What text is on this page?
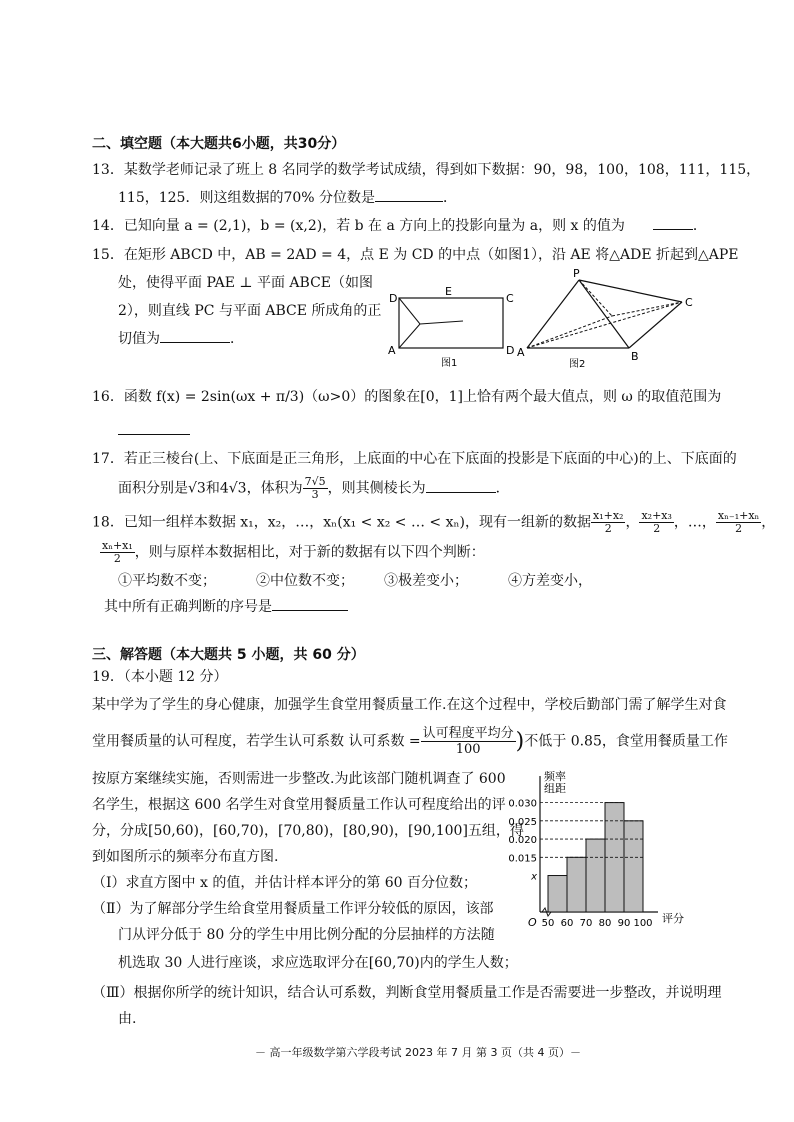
二、填空题（本大题共6小题，共30分）
13．某数学老师记录了班上 8 名同学的数学考试成绩，得到如下数据：90，98，100，108，111，115，
115，125．则这组数据的70% 分位数是	．
14．已知向量 a = (2,1)，b = (x,2)，若 b 在 a 方向上的投影向量为 a，则 x 的值为	．
15．在矩形 ABCD 中，AB = 2AD = 4，点 E 为 CD 的中点（如图1），沿 AE 将△ADE 折起到△APE
处，使得平面 PAE ⊥ 平面 ABCE（如图
2），则直线 PC 与平面 ABCE 所成角的正
切值为	．
D
E
C
A	D
图1
P
C
A	B
图2
16．函数 f(x) = 2sin(ωx + π/3)（ω>0）的图象在[0，1]上恰有两个最大值点，则 ω 的取值范围为
17．若正三棱台(上、下底面是正三角形，上底面的中心在下底面的投影是下底面的中心)的上、下底面的
面积分别是√3和4√3，体积为 $\frac{7√5}{3}$ ，则其侧棱长为	．
18．已知一组样本数据 x₁，x₂，…，xₙ(x₁ < x₂ < … < xₙ)，现有一组新的数据 $\frac{\text{x₁+x₂}}{2}$ ， $\frac{\text{x₂+x₃}}{2}$ ，…， $\frac{\text{xₙ₋₁+xₙ}}{2}$ ，
$\frac{\text{xₙ+x₁}}{2}$ ，则与原样本数据相比，对于新的数据有以下四个判断：
①平均数不变；	②中位数不变； ③极差变小；	④方差变小，
其中所有正确判断的序号是
三、解答题（本大题共 5 小题，共 60 分）
19．（本小题 12 分）
某中学为了学生的身心健康，加强学生食堂用餐质量工作.在这个过程中，学校后勤部门需了解学生对食
堂用餐质量的认可程度，若学生认可系数 认可系数 = $\frac{\text{认可程度平均分}}{100}$ )不低于 0.85，食堂用餐质量工作
按原方案继续实施，否则需进一步整改.为此该部门随机调查了 600
名学生，根据这 600 名学生对食堂用餐质量工作认可程度给出的评
分，分成[50,60)，[60,70)，[70,80)，[80,90)，[90,100]五组，得
到如图所示的频率分布直方图.
（Ⅰ）求直方图中 x 的值，并估计样本评分的第 60 百分位数；
（Ⅱ）为了解部分学生给食堂用餐质量工作评分较低的原因，该部
门从评分低于 80 分的学生中用比例分配的分层抽样的方法随
机选取 30 人进行座谈，求应选取评分在[60,70)内的学生人数；
（Ⅲ）根据你所学的统计知识，结合认可系数，判断食堂用餐质量工作是否需要进一步整改，并说明理
由.
频率
组距
评分
O
0.030
0.025
0.020
0.015
x
50 60 70 80 90 100
－ 高一年级数学第六学段考试 2023 年 7 月 第 3 页（共 4 页）－
